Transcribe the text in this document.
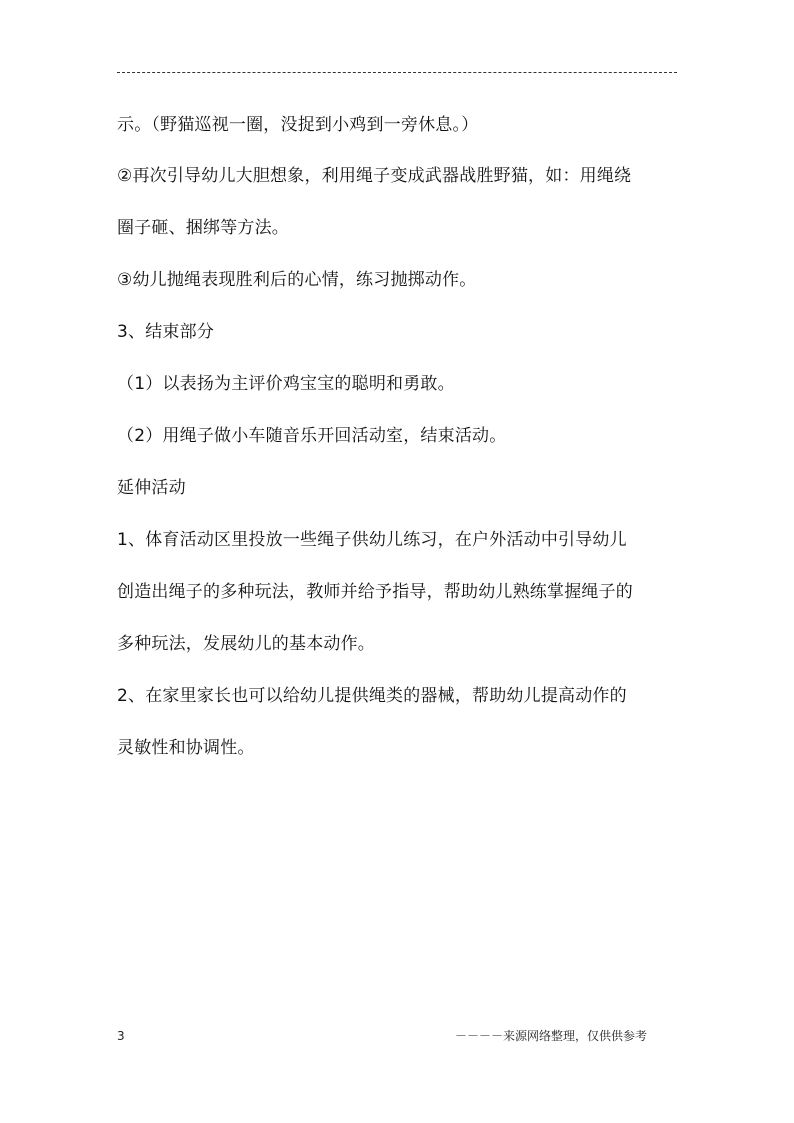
示。（野猫巡视一圈，没捉到小鸡到一旁休息。）
②再次引导幼儿大胆想象，利用绳子变成武器战胜野猫，如：用绳绕
圈子砸、捆绑等方法。
③幼儿抛绳表现胜利后的心情，练习抛掷动作。
3、结束部分
（1）以表扬为主评价鸡宝宝的聪明和勇敢。
（2）用绳子做小车随音乐开回活动室，结束活动。
延伸活动
1、体育活动区里投放一些绳子供幼儿练习，在户外活动中引导幼儿
创造出绳子的多种玩法，教师并给予指导，帮助幼儿熟练掌握绳子的
多种玩法，发展幼儿的基本动作。
2、在家里家长也可以给幼儿提供绳类的器械，帮助幼儿提高动作的
灵敏性和协调性。
3	－－－－来源网络整理，仅供供参考
